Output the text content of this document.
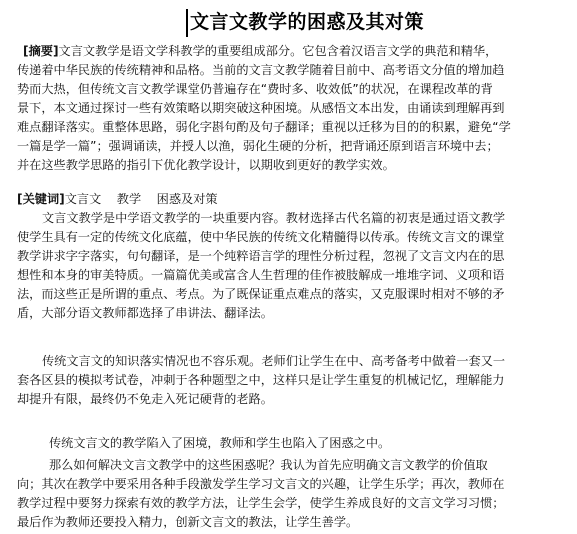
文言文教学的困惑及其对策
[摘要]文言文教学是语文学科教学的重要组成部分。它包含着汉语言文学的典范和精华，
传递着中华民族的传统精神和品格。当前的文言文教学随着目前中、高考语文分值的增加趋
势而大热，但传统文言文教学课堂仍普遍存在“费时多、收效低”的状况，在课程改革的背
景下，本文通过探讨一些有效策略以期突破这种困境。从感悟文本出发，由诵读到理解再到
难点翻译落实。重整体思路，弱化字斟句酌及句子翻译；重视以迁移为目的的积累，避免“学
一篇是学一篇”；强调诵读，并授人以渔，弱化生硬的分析，把背诵还原到语言环境中去；
并在这些教学思路的指引下优化教学设计，以期收到更好的教学实效。
[关键词]文言文    教学    困惑及对策
文言文教学是中学语文教学的一块重要内容。教材选择古代名篇的初衷是通过语文教学
使学生具有一定的传统文化底蕴，使中华民族的传统文化精髓得以传承。传统文言文的课堂
教学讲求字字落实，句句翻译，是一个纯粹语言学的理性分析过程，忽视了文言文内在的思
想性和本身的审美特质。一篇篇优美或富含人生哲理的佳作被肢解成一堆堆字词、义项和语
法，而这些正是所谓的重点、考点。为了既保证重点难点的落实，又克服课时相对不够的矛
盾，大部分语文教师都选择了串讲法、翻译法。
传统文言文的知识落实情况也不容乐观。老师们让学生在中、高考备考中做着一套又一
套各区县的模拟考试卷，冲刺于各种题型之中，这样只是让学生重复的机械记忆，理解能力
却提升有限，最终仍不免走入死记硬背的老路。
传统文言文的教学陷入了困境，教师和学生也陷入了困惑之中。
那么如何解决文言文教学中的这些困惑呢？我认为首先应明确文言文教学的价值取
向；其次在教学中要采用各种手段激发学生学习文言文的兴趣，让学生乐学；再次，教师在
教学过程中要努力探索有效的教学方法，让学生会学，使学生养成良好的文言文学习习惯；
最后作为教师还要投入精力，创新文言文的教法，让学生善学。
